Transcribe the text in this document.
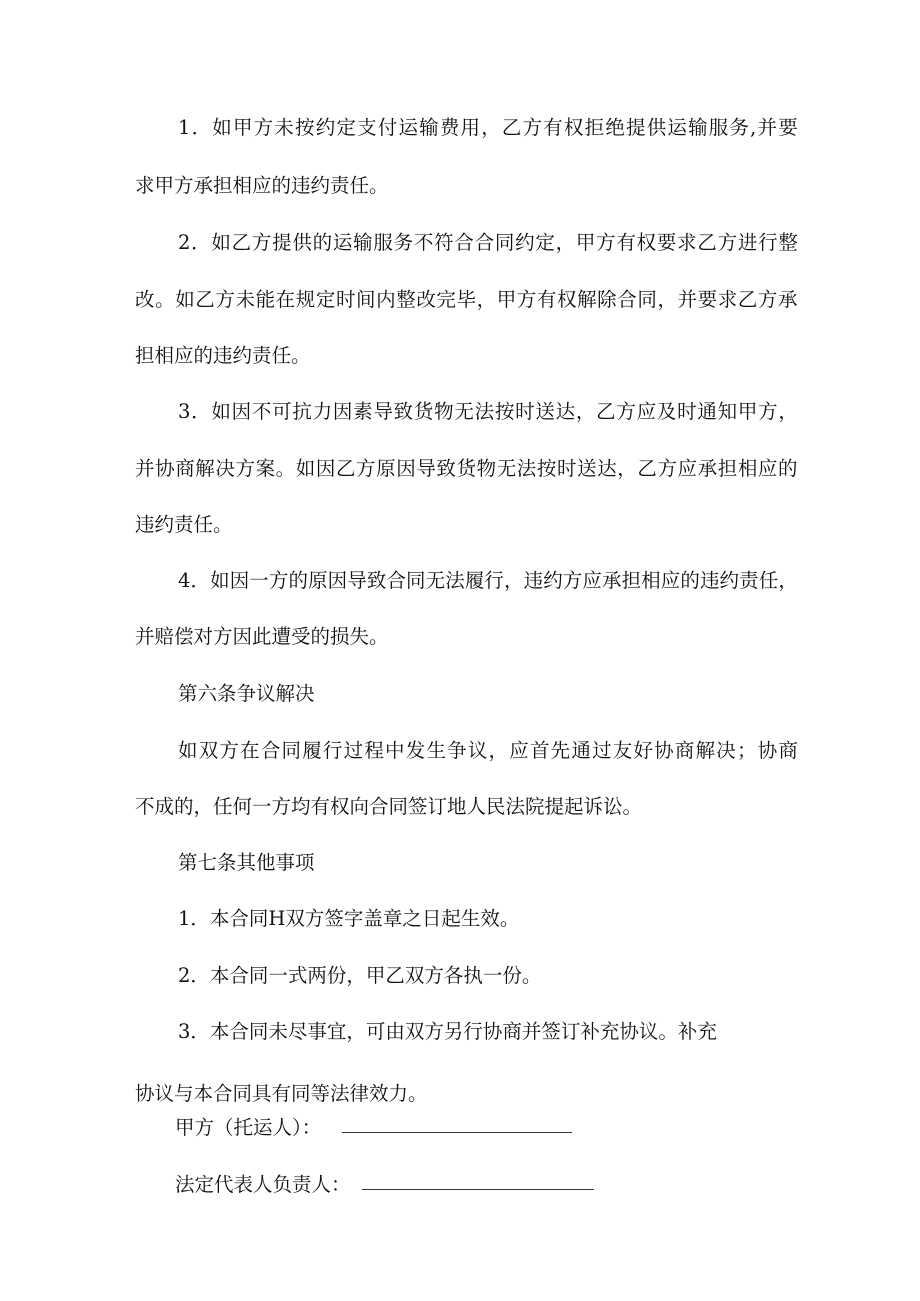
1 ． 如 甲 方 未 按 约 定 支 付 运 输 费 用 ， 乙 方 有 权 拒 绝 提 供 运 输 服 务 , 并 要

求甲方承担相应的违约责任。

2 ． 如 乙 方 提 供 的 运 输 服 务 不 符 合 合 同 约 定 ， 甲 方 有 权 要 求 乙 方 进 行 整

改 。 如 乙 方 未 能 在 规 定 时 间 内 整 改 完 毕 ， 甲 方 有 权 解 除 合 同 ， 并 要 求 乙 方 承

担相应的违约责任。

3 ． 如 因 不 可 抗 力 因 素 导 致 货 物 无 法 按 时 送 达 ， 乙 方 应 及 时 通 知 甲 方 ，

并 协 商 解 决 方 案 。 如 因 乙 方 原 因 导 致 货 物 无 法 按 时 送 达 ， 乙 方 应 承 担 相 应 的

违约责任。

4 ． 如 因 一 方 的 原 因 导 致 合 同 无 法 履 行 ， 违 约 方 应 承 担 相 应 的 违 约 责 任 ，

并赔偿对方因此遭受的损失。

第六条争议解决

如 双 方 在 合 同 履 行 过 程 中 发 生 争 议 ， 应 首 先 通 过 友 好 协 商 解 决 ； 协 商

不成的，任何一方均有权向合同签订地人民法院提起诉讼。

第七条其他事项

1．本合同H双方签字盖章之日起生效。

2．本合同一式两份，甲乙双方各执一份。

3．本合同未尽事宜，可由双方另行协商并签订补充协议。补充

协议与本合同具有同等法律效力。

甲方（托运人）：

法定代表人负责人：
